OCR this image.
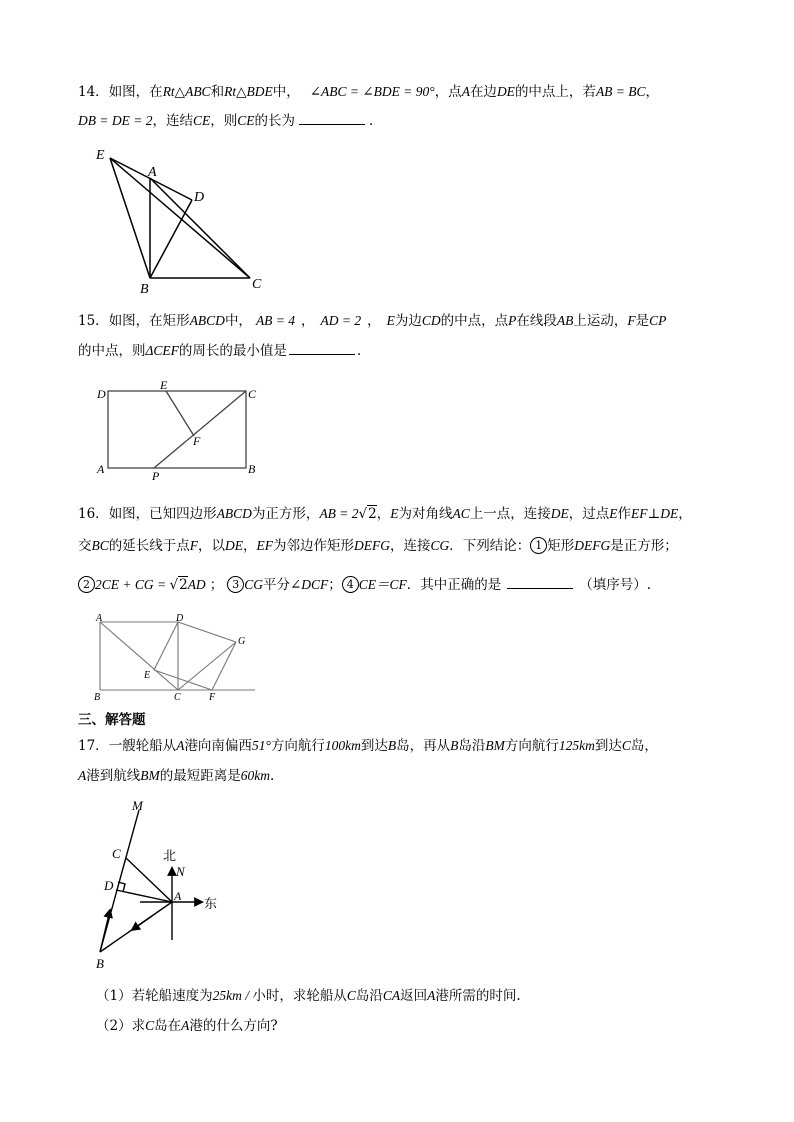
14．如图，在Rt△ABC和Rt△BDE中， ∠ABC = ∠BDE = 90°，点A在边DE的中点上，若AB = BC，
DB = DE = 2，连结CE，则CE的长为	．
E
A
D
B	C
15．如图，在矩形ABCD中， AB = 4 ， AD = 2 ， E为边CD的中点，点P在线段AB上运动，F是CP
的中点，则ΔCEF的周长的最小值是	.
D
E
C
F
A	P	B
16．如图，已知四边形ABCD为正方形，AB = 2√2，E为对角线AC上一点，连接DE，过点E作EF⊥DE，
交BC的延长线于点F，以DE，EF为邻边作矩形DEFG，连接CG．下列结论： 1 矩形DEFG是正方形；
2 2CE + CG = √2AD ； 3 CG平分∠DCF； 4 CE＝CF．其中正确的是	（填序号）.
A	D
G
E
B	C	F
三、解答题
17．一艘轮船从A港向南偏西51°方向航行100km到达B岛，再从B岛沿BM方向航行125km到达C岛，
A港到航线BM的最短距离是60km.
M
C	北
N
D
A 东
B
（1）若轮船速度为25km / 小时，求轮船从C岛沿CA返回A港所需的时间.
（2）求C岛在A港的什么方向?
